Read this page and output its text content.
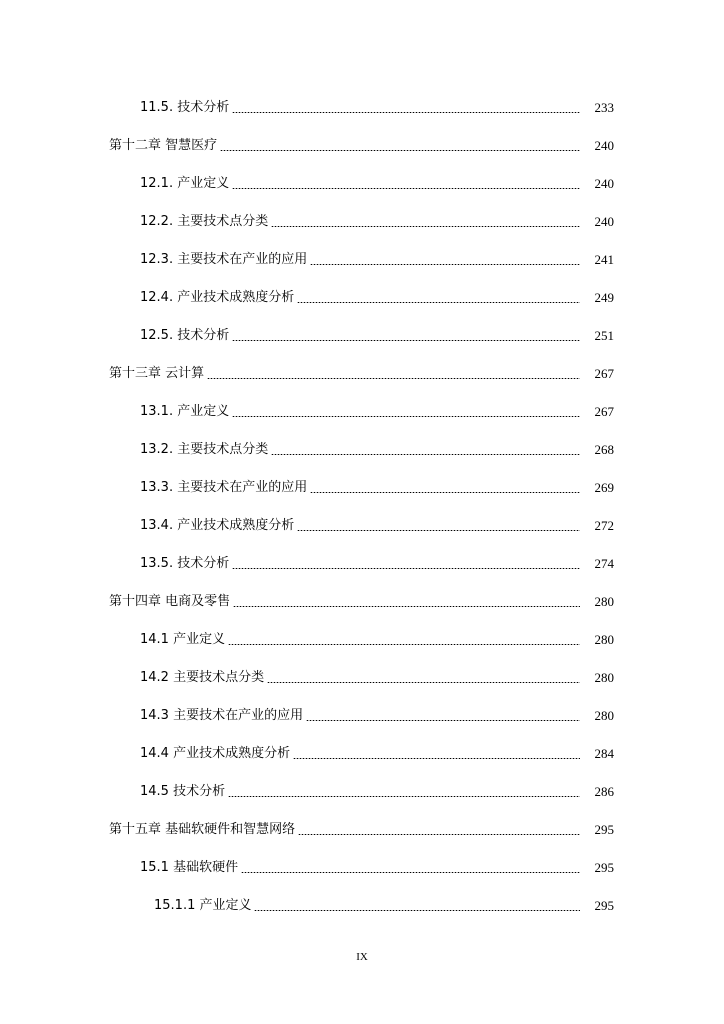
11.5. 技术分析	233
第十二章 智慧医疗	240
12.1. 产业定义	240
12.2. 主要技术点分类	240
12.3. 主要技术在产业的应用	241
12.4. 产业技术成熟度分析	249
12.5. 技术分析	251
第十三章 云计算	267
13.1. 产业定义	267
13.2. 主要技术点分类	268
13.3. 主要技术在产业的应用	269
13.4. 产业技术成熟度分析	272
13.5. 技术分析	274
第十四章 电商及零售	280
14.1 产业定义	280
14.2 主要技术点分类	280
14.3 主要技术在产业的应用	280
14.4 产业技术成熟度分析	284
14.5 技术分析	286
第十五章 基础软硬件和智慧网络	295
15.1 基础软硬件	295
15.1.1 产业定义	295
IX
